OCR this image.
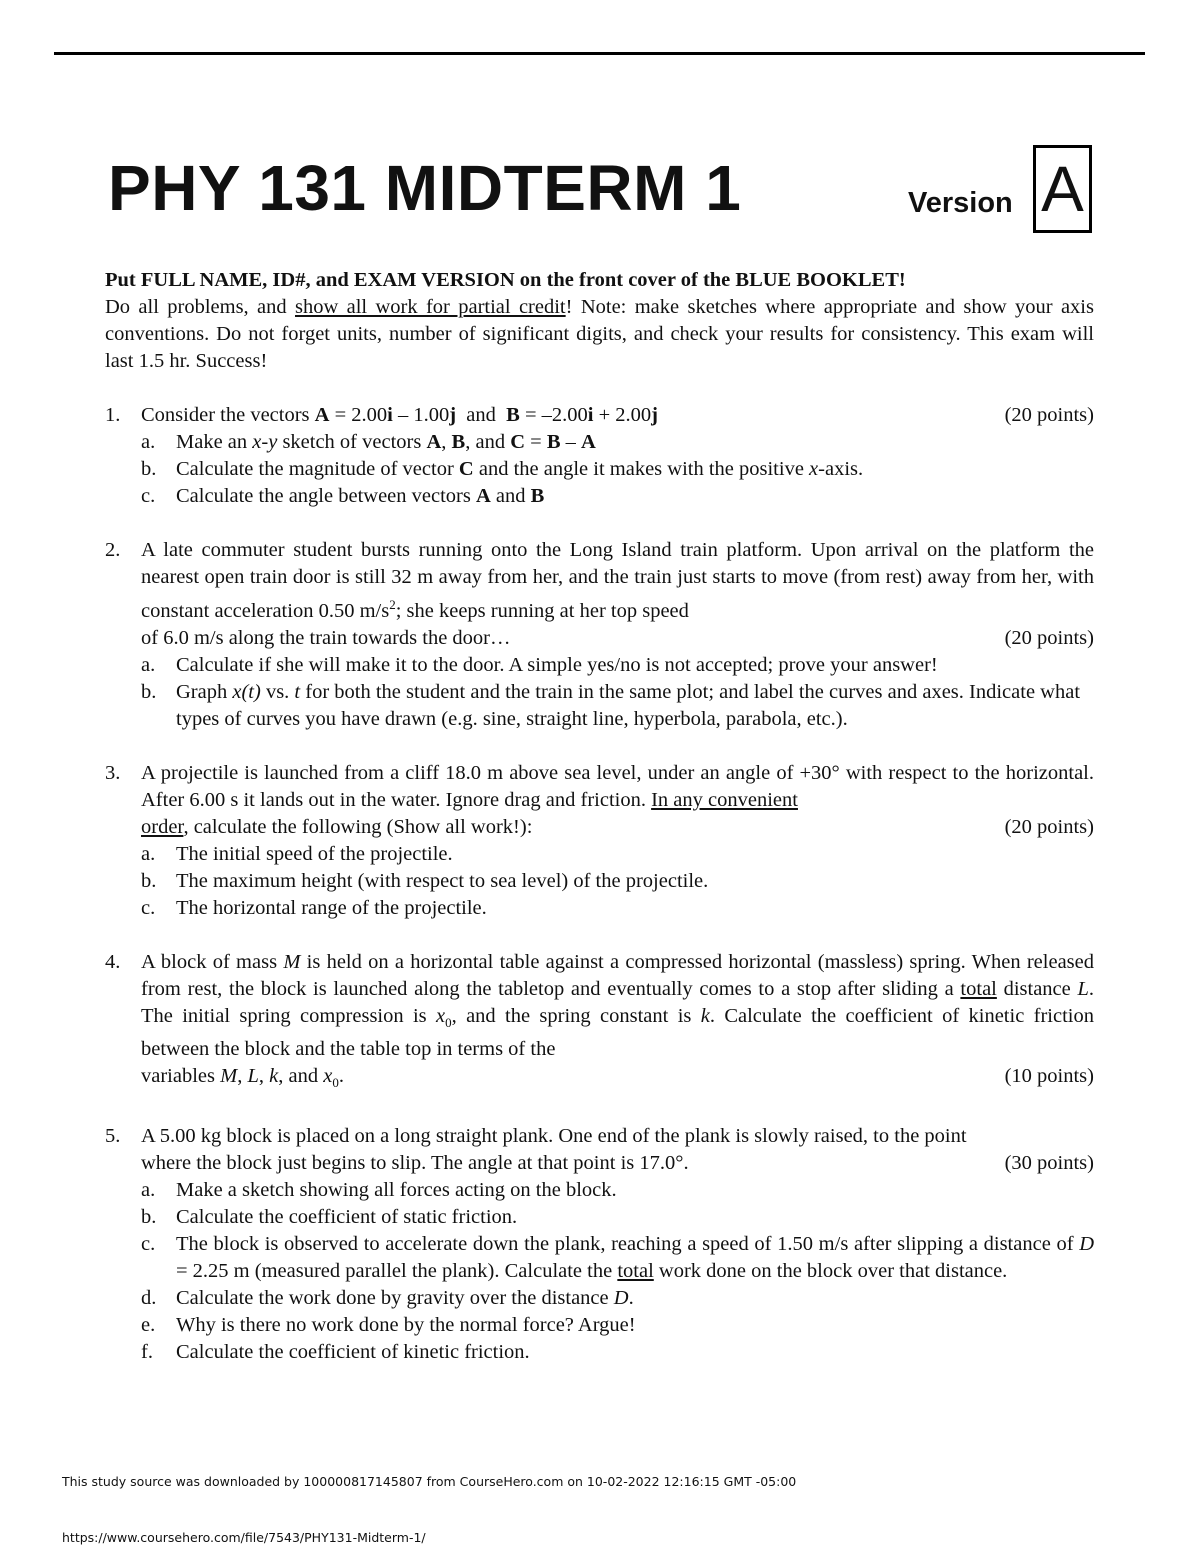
PHY 131 MIDTERM 1	Version A
Put FULL NAME, ID#, and EXAM VERSION on the front cover of the BLUE BOOKLET!
Do all problems, and show all work for partial credit! Note: make sketches where appropriate and show your axis conventions. Do not forget units, number of significant digits, and check your results for consistency. This exam will last 1.5 hr. Success!
1. Consider the vectors A = 2.00i – 1.00j  and  B = –2.00i + 2.00j	(20 points)
a. Make an x-y sketch of vectors A, B, and C = B – A
b. Calculate the magnitude of vector C and the angle it makes with the positive x-axis.
c. Calculate the angle between vectors A and B
2. A late commuter student bursts running onto the Long Island train platform. Upon arrival on the platform the nearest open train door is still 32 m away from her, and the train just starts to move (from rest) away from her, with constant acceleration 0.50 $m/s^2$; she keeps running at her top speed
of 6.0 m/s along the train towards the door…	(20 points)
a. Calculate if she will make it to the door. A simple yes/no is not accepted; prove your answer!
b. Graph x(t) vs. t for both the student and the train in the same plot; and label the curves and axes. Indicate what types of curves you have drawn (e.g. sine, straight line, hyperbola, parabola, etc.).
3. A projectile is launched from a cliff 18.0 m above sea level, under an angle of +30° with respect to the horizontal. After 6.00 s it lands out in the water. Ignore drag and friction. In any convenient
order, calculate the following (Show all work!):	(20 points)
a. The initial speed of the projectile.
b. The maximum height (with respect to sea level) of the projectile.
c. The horizontal range of the projectile.
4. A block of mass M is held on a horizontal table against a compressed horizontal (massless) spring. When released from rest, the block is launched along the tabletop and eventually comes to a stop after sliding a total distance L. The initial spring compression is $x_0$, and the spring constant is k. Calculate the coefficient of kinetic friction between the block and the table top in terms of the
variables M, L, k, and $x_0$.	(10 points)
5. A 5.00 kg block is placed on a long straight plank. One end of the plank is slowly raised, to the point
where the block just begins to slip. The angle at that point is 17.0°.	(30 points)
a. Make a sketch showing all forces acting on the block.
b. Calculate the coefficient of static friction.
c. The block is observed to accelerate down the plank, reaching a speed of 1.50 m/s after slipping a distance of D = 2.25 m (measured parallel the plank). Calculate the total work done on the block over that distance.
d. Calculate the work done by gravity over the distance D.
e. Why is there no work done by the normal force? Argue!
f. Calculate the coefficient of kinetic friction.
This study source was downloaded by 100000817145807 from CourseHero.com on 10-02-2022 12:16:15 GMT -05:00
https://www.coursehero.com/file/7543/PHY131-Midterm-1/
